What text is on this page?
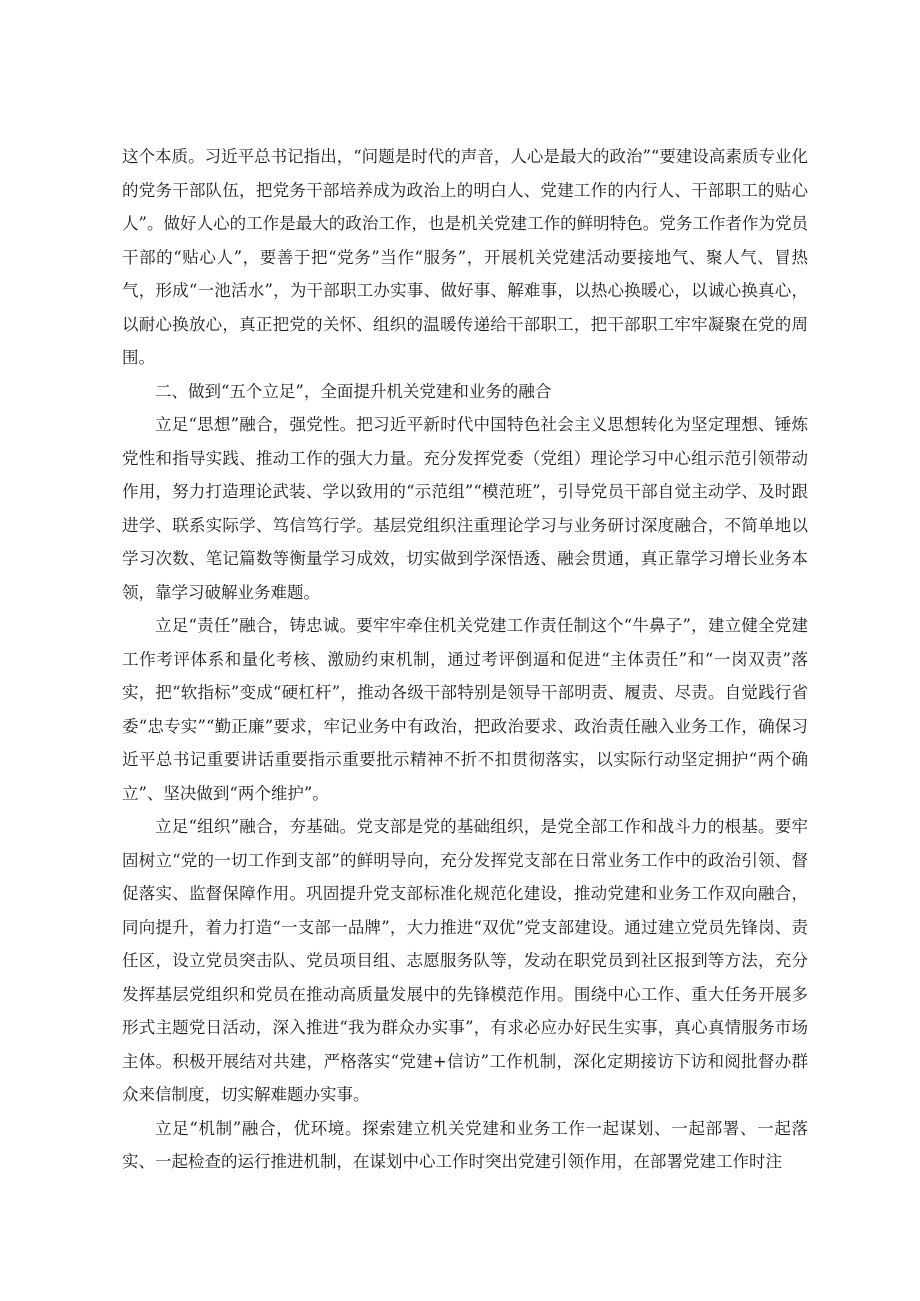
这个本质。习近平总书记指出，“问题是时代的声音，人心是最大的政治”“要建设高素质专业化的党务干部队伍，把党务干部培养成为政治上的明白人、党建工作的内行人、干部职工的贴心人”。做好人心的工作是最大的政治工作，也是机关党建工作的鲜明特色。党务工作者作为党员干部的“贴心人”，要善于把“党务”当作“服务”，开展机关党建活动要接地气、聚人气、冒热气，形成“一池活水”，为干部职工办实事、做好事、解难事，以热心换暖心，以诚心换真心，以耐心换放心，真正把党的关怀、组织的温暖传递给干部职工，把干部职工牢牢凝聚在党的周围。

二、做到“五个立足”，全面提升机关党建和业务的融合

立足“思想”融合，强党性。把习近平新时代中国特色社会主义思想转化为坚定理想、锤炼党性和指导实践、推动工作的强大力量。充分发挥党委（党组）理论学习中心组示范引领带动作用，努力打造理论武装、学以致用的“示范组”“模范班”，引导党员干部自觉主动学、及时跟进学、联系实际学、笃信笃行学。基层党组织注重理论学习与业务研讨深度融合，不简单地以学习次数、笔记篇数等衡量学习成效，切实做到学深悟透、融会贯通，真正靠学习增长业务本领，靠学习破解业务难题。

立足“责任”融合，铸忠诚。要牢牢牵住机关党建工作责任制这个“牛鼻子”，建立健全党建工作考评体系和量化考核、激励约束机制，通过考评倒逼和促进“主体责任”和“一岗双责”落实，把“软指标”变成“硬杠杆”，推动各级干部特别是领导干部明责、履责、尽责。自觉践行省委“忠专实”“勤正廉”要求，牢记业务中有政治，把政治要求、政治责任融入业务工作，确保习近平总书记重要讲话重要指示重要批示精神不折不扣贯彻落实，以实际行动坚定拥护“两个确立”、坚决做到“两个维护”。

立足“组织”融合，夯基础。党支部是党的基础组织，是党全部工作和战斗力的根基。要牢固树立“党的一切工作到支部”的鲜明导向，充分发挥党支部在日常业务工作中的政治引领、督促落实、监督保障作用。巩固提升党支部标准化规范化建设，推动党建和业务工作双向融合，同向提升，着力打造“一支部一品牌”，大力推进“双优”党支部建设。通过建立党员先锋岗、责任区，设立党员突击队、党员项目组、志愿服务队等，发动在职党员到社区报到等方法，充分发挥基层党组织和党员在推动高质量发展中的先锋模范作用。围绕中心工作、重大任务开展多形式主题党日活动，深入推进“我为群众办实事”，有求必应办好民生实事，真心真情服务市场主体。积极开展结对共建，严格落实“党建+信访”工作机制，深化定期接访下访和阅批督办群众来信制度，切实解难题办实事。

立足“机制”融合，优环境。探索建立机关党建和业务工作一起谋划、一起部署、一起落实、一起检查的运行推进机制，在谋划中心工作时突出党建引领作用，在部署党建工作时注
